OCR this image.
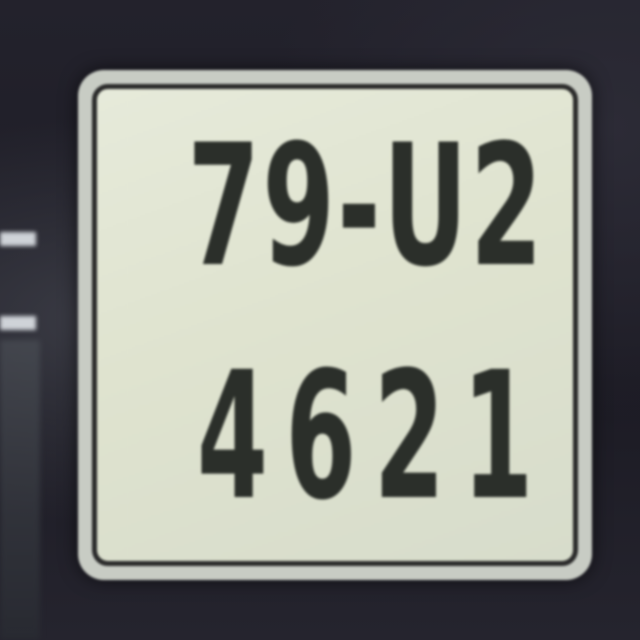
79-U2
4621
